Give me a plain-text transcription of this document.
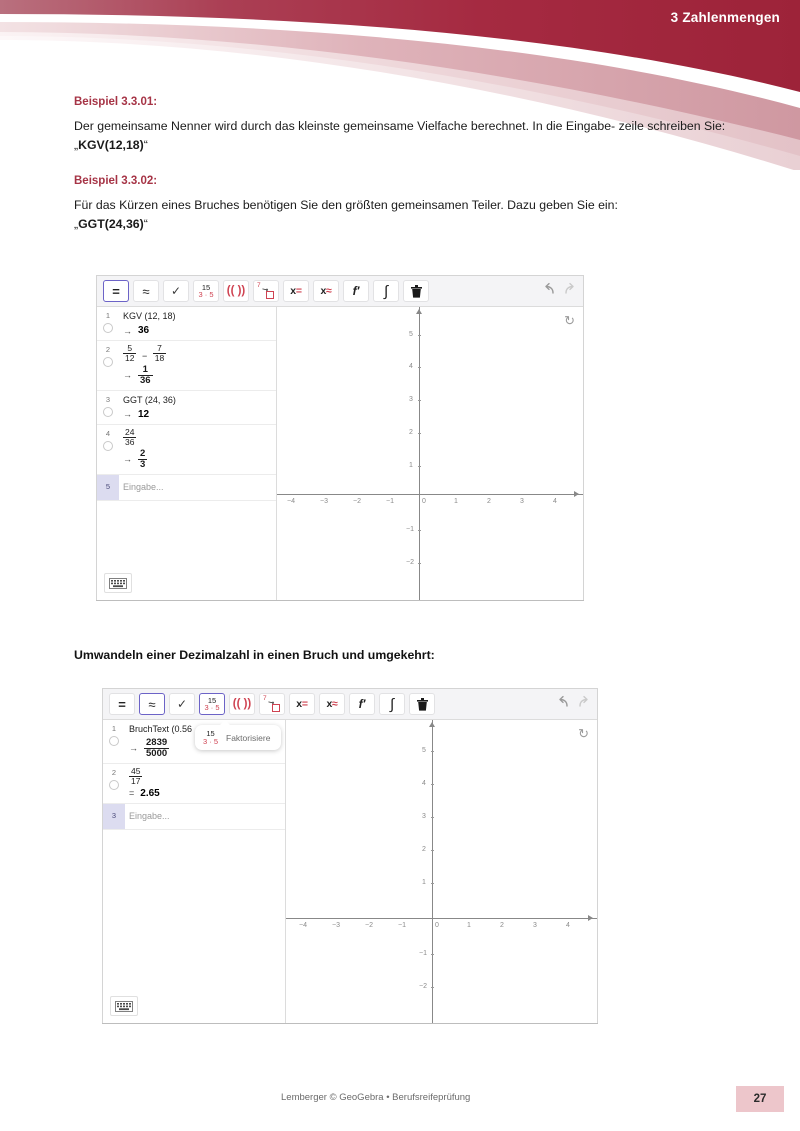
3 Zahlenmengen
Beispiel 3.3.01:

Der gemeinsame Nenner wird durch das kleinste gemeinsame Vielfache berechnet. In die Eingabe- zeile schreiben Sie: „KGV(12,18)“

Beispiel 3.3.02:

Für das Kürzen eines Bruches benötigen Sie den größten gemeinsamen Teiler. Dazu geben Sie ein:
„GGT(24,36)“

Umwandeln einer Dezimalzahl in einen Bruch und umgekehrt:
= ≈ ✓	15
3 · 5 (( )) 7 ➞ x= x≈ f′ ∫
1 KGV (12, 18)
→ 36
$2 \frac{5}{12} - \frac{7}{18}$
→
1
36
3 GGT (24, 36)
→ 12
$4 \frac{24}{36}$
→
2
3
5 Eingabe...
↻
−4	−3	−2	−1	0	1	2	3	4
5
4
3
2
1
−1
−2
= ≈ ✓	15
3 · 5 (( )) 7 ➞ x= x≈ f′ ∫
1 BruchText (0.56
→
2839
5000
$2 \frac{45}{17}$
= 2.65
3 Eingabe...
↻
−4	−3	−2	−1	0	1	2	3	4
5
4
3
2
1
−1
−2
15
3 · 5 Faktorisiere
Lemberger © GeoGebra • Berufsreifeprüfung	27
